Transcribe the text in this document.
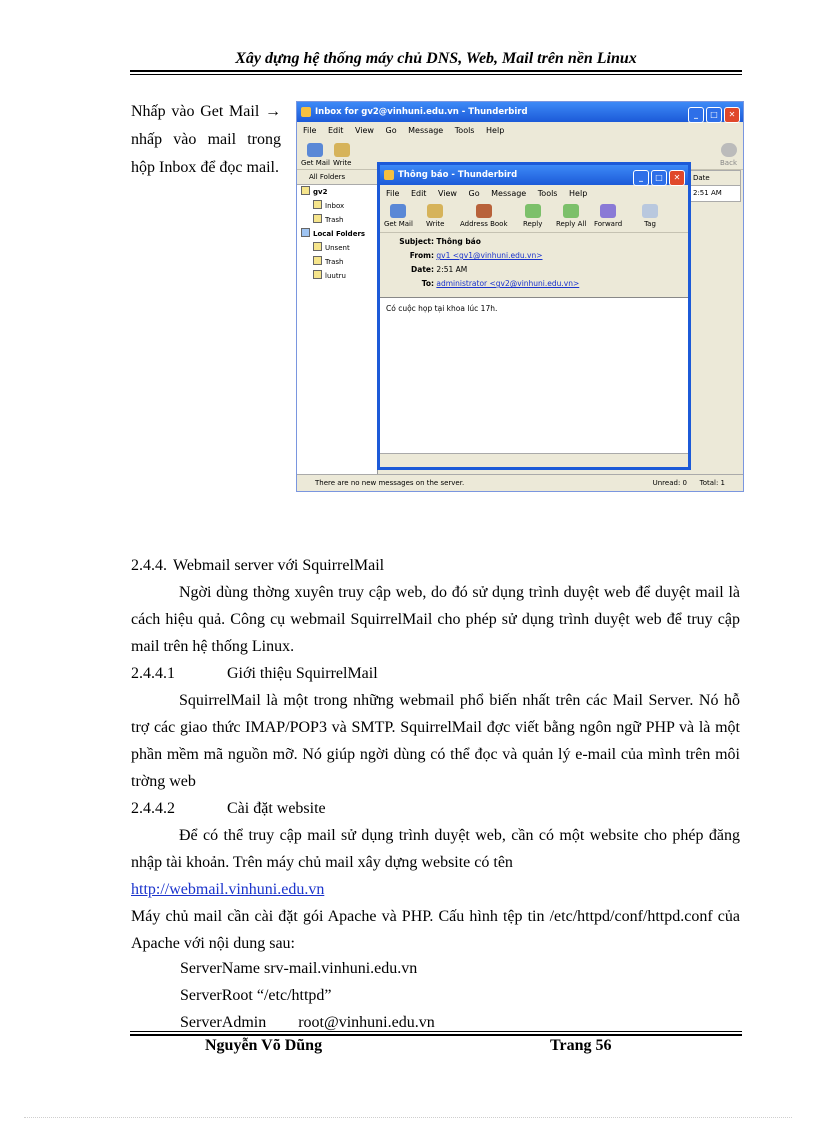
Xây dựng hệ thống máy chủ DNS, Web, Mail trên nền Linux
Nhấp vào Get Mail → nhấp vào mail trong hộp Inbox để đọc mail.
Inbox for gv2@vinhuni.edu.vn - Thunderbird	_ □ ✕
File Edit View Go Message Tools Help
Get Mail Write	Back
All Folders
gv2
Inbox
Trash
Local Folders
Unsent
Trash
luutru
Date
2:51 AM
There are no new messages on the server.	Unread: 0 Total: 1
Thông báo - Thunderbird	_ □ ✕
File Edit View Go Message Tools Help
Get Mail Write Address Book Reply Reply All Forward	Tag
Subject: Thông báo
From: gv1 <gv1@vinhuni.edu.vn>
Date: 2:51 AM
To: administrator <gv2@vinhuni.edu.vn>
Có cuộc họp tại khoa lúc 17h.
2.4.4. Webmail server với SquirrelMail
Ngời dùng thờng xuyên truy cập web, do đó sử dụng trình duyệt web để duyệt mail là cách hiệu quả. Công cụ webmail SquirrelMail cho phép sử dụng trình duyệt web để truy cập mail trên hệ thống Linux.
2.4.4.1	Giới thiệu SquirrelMail
SquirrelMail là một trong những webmail phổ biến nhất trên các Mail Server. Nó hỗ trợ các giao thức IMAP/POP3 và SMTP. SquirrelMail đợc viết bằng ngôn ngữ PHP và là một phần mềm mã nguồn mỡ. Nó giúp ngời dùng có thể đọc và quản lý e-mail của mình trên môi trờng web
2.4.4.2	Cài đặt website
Để có thể truy cập mail sử dụng trình duyệt web, cần có một website cho phép đăng nhập tài khoản. Trên máy chủ mail xây dựng website có tên
http://webmail.vinhuni.edu.vn
Máy chủ mail cần cài đặt gói Apache và PHP. Cấu hình tệp tin /etc/httpd/conf/httpd.conf của Apache với nội dung sau:
ServerName srv-mail.vinhuni.edu.vn
ServerRoot “/etc/httpd”
ServerAdmin        root@vinhuni.edu.vn
Nguyễn Võ Dũng	Trang 56
